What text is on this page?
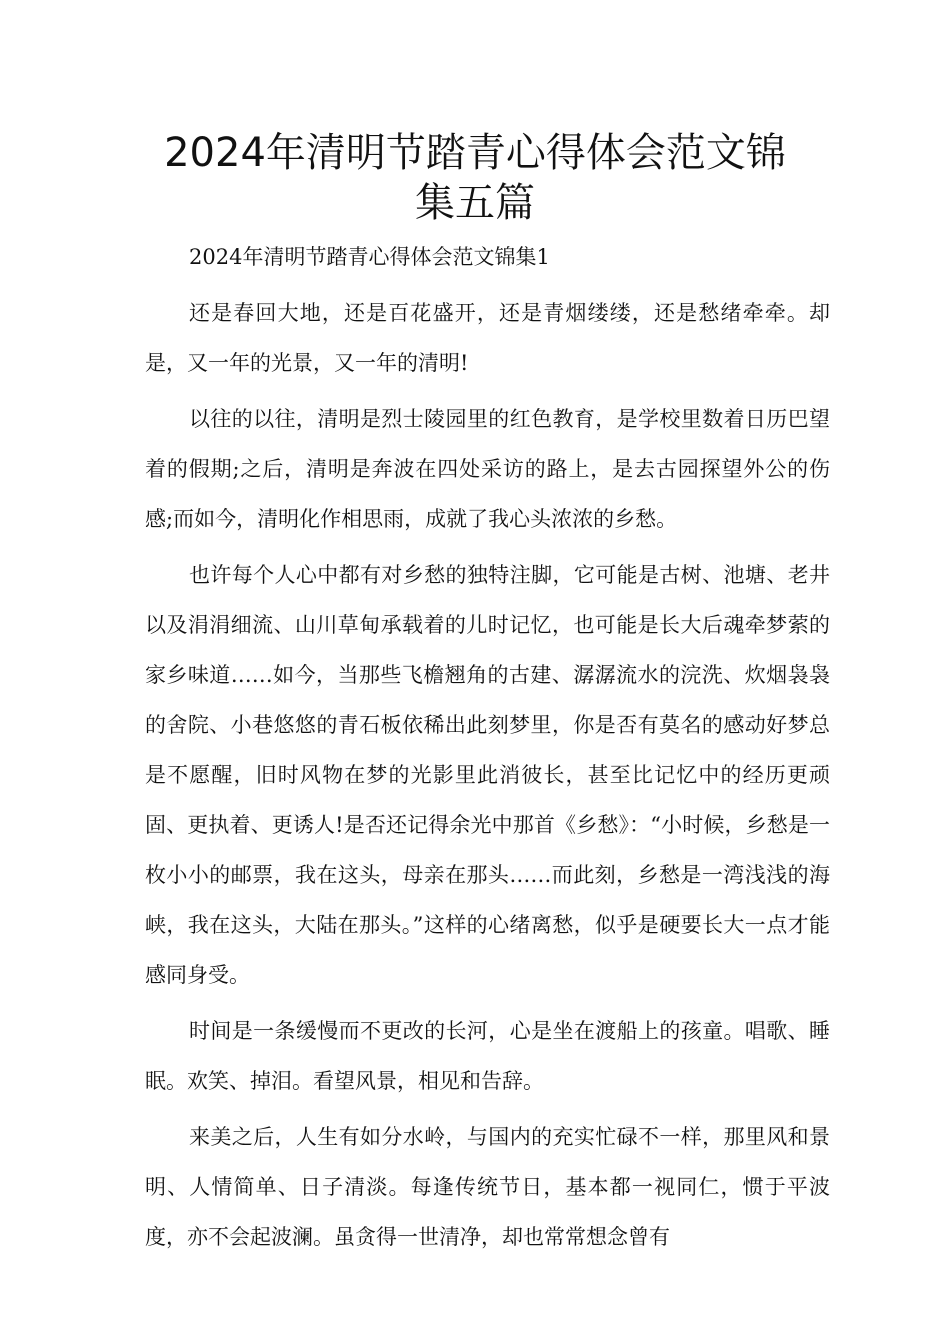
2024年清明节踏青心得体会范文锦集五篇

2024年清明节踏青心得体会范文锦集1

还是春回大地，还是百花盛开，还是青烟缕缕，还是愁绪牵牵。却是，又一年的光景，又一年的清明!

以往的以往，清明是烈士陵园里的红色教育，是学校里数着日历巴望着的假期;之后，清明是奔波在四处采访的路上，是去古园探望外公的伤感;而如今，清明化作相思雨，成就了我心头浓浓的乡愁。

也许每个人心中都有对乡愁的独特注脚，它可能是古树、池塘、老井以及涓涓细流、山川草甸承载着的儿时记忆，也可能是长大后魂牵梦萦的家乡味道……如今，当那些飞檐翘角的古建、潺潺流水的浣洗、炊烟袅袅的舍院、小巷悠悠的青石板依稀出此刻梦里，你是否有莫名的感动好梦总是不愿醒，旧时风物在梦的光影里此消彼长，甚至比记忆中的经历更顽固、更执着、更诱人!是否还记得余光中那首《乡愁》：“小时候，乡愁是一枚小小的邮票，我在这头，母亲在那头……而此刻，乡愁是一湾浅浅的海峡，我在这头，大陆在那头。”这样的心绪离愁，似乎是硬要长大一点才能感同身受。

时间是一条缓慢而不更改的长河，心是坐在渡船上的孩童。唱歌、睡眠。欢笑、掉泪。看望风景，相见和告辞。

来美之后，人生有如分水岭，与国内的充实忙碌不一样，那里风和景明、人情简单、日子清淡。每逢传统节日，基本都一视同仁，惯于平波度，亦不会起波澜。虽贪得一世清净，却也常常想念曾有
